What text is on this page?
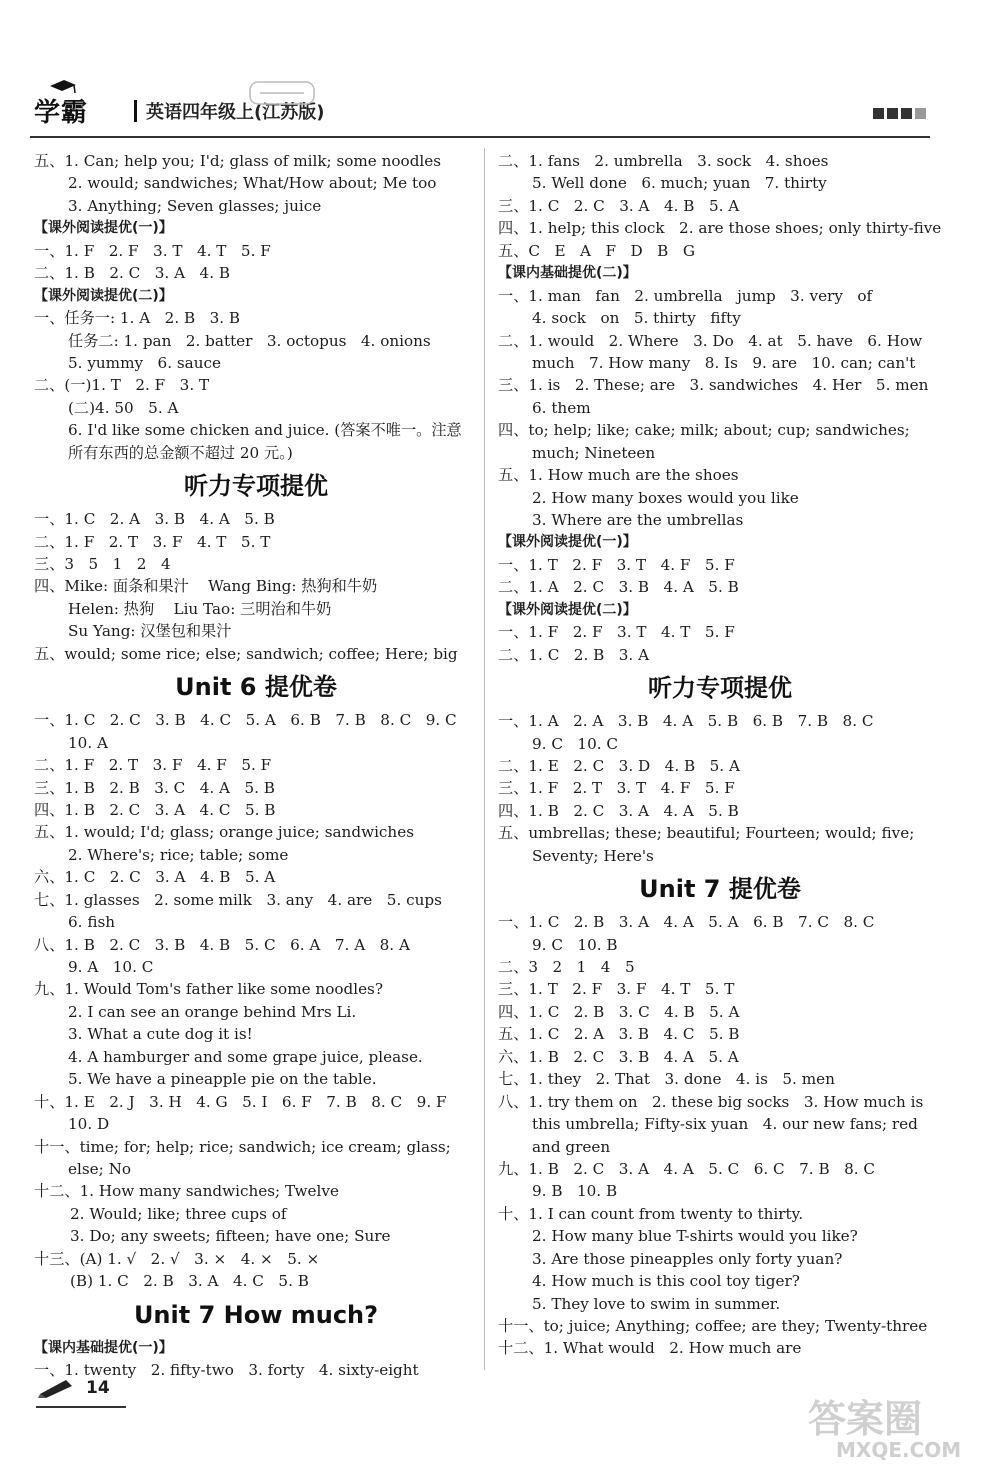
学霸	英语四年级上(江苏版)
五、1. Can; help you; I'd; glass of milk; some noodles
2. would; sandwiches; What/How about; Me too
3. Anything; Seven glasses; juice
【课外阅读提优(一)】
一、1. F   2. F   3. T   4. T   5. F
二、1. B   2. C   3. A   4. B
【课外阅读提优(二)】
一、任务一: 1. A   2. B   3. B
任务二: 1. pan   2. batter   3. octopus   4. onions
5. yummy   6. sauce
二、(一)1. T   2. F   3. T
(二)4. 50   5. A
6. I'd like some chicken and juice. (答案不唯一。注意
所有东西的总金额不超过 20 元。)
听力专项提优
一、1. C   2. A   3. B   4. A   5. B
二、1. F   2. T   3. F   4. T   5. T
三、3   5   1   2   4
四、Mike: 面条和果汁    Wang Bing: 热狗和牛奶
Helen: 热狗    Liu Tao: 三明治和牛奶
Su Yang: 汉堡包和果汁
五、would; some rice; else; sandwich; coffee; Here; big
Unit 6 提优卷
一、1. C   2. C   3. B   4. C   5. A   6. B   7. B   8. C   9. C
10. A
二、1. F   2. T   3. F   4. F   5. F
三、1. B   2. B   3. C   4. A   5. B
四、1. B   2. C   3. A   4. C   5. B
五、1. would; I'd; glass; orange juice; sandwiches
2. Where's; rice; table; some
六、1. C   2. C   3. A   4. B   5. A
七、1. glasses   2. some milk   3. any   4. are   5. cups
6. fish
八、1. B   2. C   3. B   4. B   5. C   6. A   7. A   8. A
9. A   10. C
九、1. Would Tom's father like some noodles?
2. I can see an orange behind Mrs Li.
3. What a cute dog it is!
4. A hamburger and some grape juice, please.
5. We have a pineapple pie on the table.
十、1. E   2. J   3. H   4. G   5. I   6. F   7. B   8. C   9. F
10. D
十一、time; for; help; rice; sandwich; ice cream; glass;
else; No
十二、1. How many sandwiches; Twelve
2. Would; like; three cups of
3. Do; any sweets; fifteen; have one; Sure
十三、(A) 1. √   2. √   3. ×   4. ×   5. ×
(B) 1. C   2. B   3. A   4. C   5. B
Unit 7 How much?
【课内基础提优(一)】
一、1. twenty   2. fifty-two   3. forty   4. sixty-eight
二、1. fans   2. umbrella   3. sock   4. shoes
5. Well done   6. much; yuan   7. thirty
三、1. C   2. C   3. A   4. B   5. A
四、1. help; this clock   2. are those shoes; only thirty-five
五、C   E   A   F   D   B   G
【课内基础提优(二)】
一、1. man   fan   2. umbrella   jump   3. very   of
4. sock   on   5. thirty   fifty
二、1. would   2. Where   3. Do   4. at   5. have   6. How
much   7. How many   8. Is   9. are   10. can; can't
三、1. is   2. These; are   3. sandwiches   4. Her   5. men
6. them
四、to; help; like; cake; milk; about; cup; sandwiches;
much; Nineteen
五、1. How much are the shoes
2. How many boxes would you like
3. Where are the umbrellas
【课外阅读提优(一)】
一、1. T   2. F   3. T   4. F   5. F
二、1. A   2. C   3. B   4. A   5. B
【课外阅读提优(二)】
一、1. F   2. F   3. T   4. T   5. F
二、1. C   2. B   3. A
听力专项提优
一、1. A   2. A   3. B   4. A   5. B   6. B   7. B   8. C
9. C   10. C
二、1. E   2. C   3. D   4. B   5. A
三、1. F   2. T   3. T   4. F   5. F
四、1. B   2. C   3. A   4. A   5. B
五、umbrellas; these; beautiful; Fourteen; would; five;
Seventy; Here's
Unit 7 提优卷
一、1. C   2. B   3. A   4. A   5. A   6. B   7. C   8. C
9. C   10. B
二、3   2   1   4   5
三、1. T   2. F   3. F   4. T   5. T
四、1. C   2. B   3. C   4. B   5. A
五、1. C   2. A   3. B   4. C   5. B
六、1. B   2. C   3. B   4. A   5. A
七、1. they   2. That   3. done   4. is   5. men
八、1. try them on   2. these big socks   3. How much is
this umbrella; Fifty-six yuan   4. our new fans; red
and green
九、1. B   2. C   3. A   4. A   5. C   6. C   7. B   8. C
9. B   10. B
十、1. I can count from twenty to thirty.
2. How many blue T-shirts would you like?
3. Are those pineapples only forty yuan?
4. How much is this cool toy tiger?
5. They love to swim in summer.
十一、to; juice; Anything; coffee; are they; Twenty-three
十二、1. What would   2. How much are
14
答案圈
MXQE.COM
